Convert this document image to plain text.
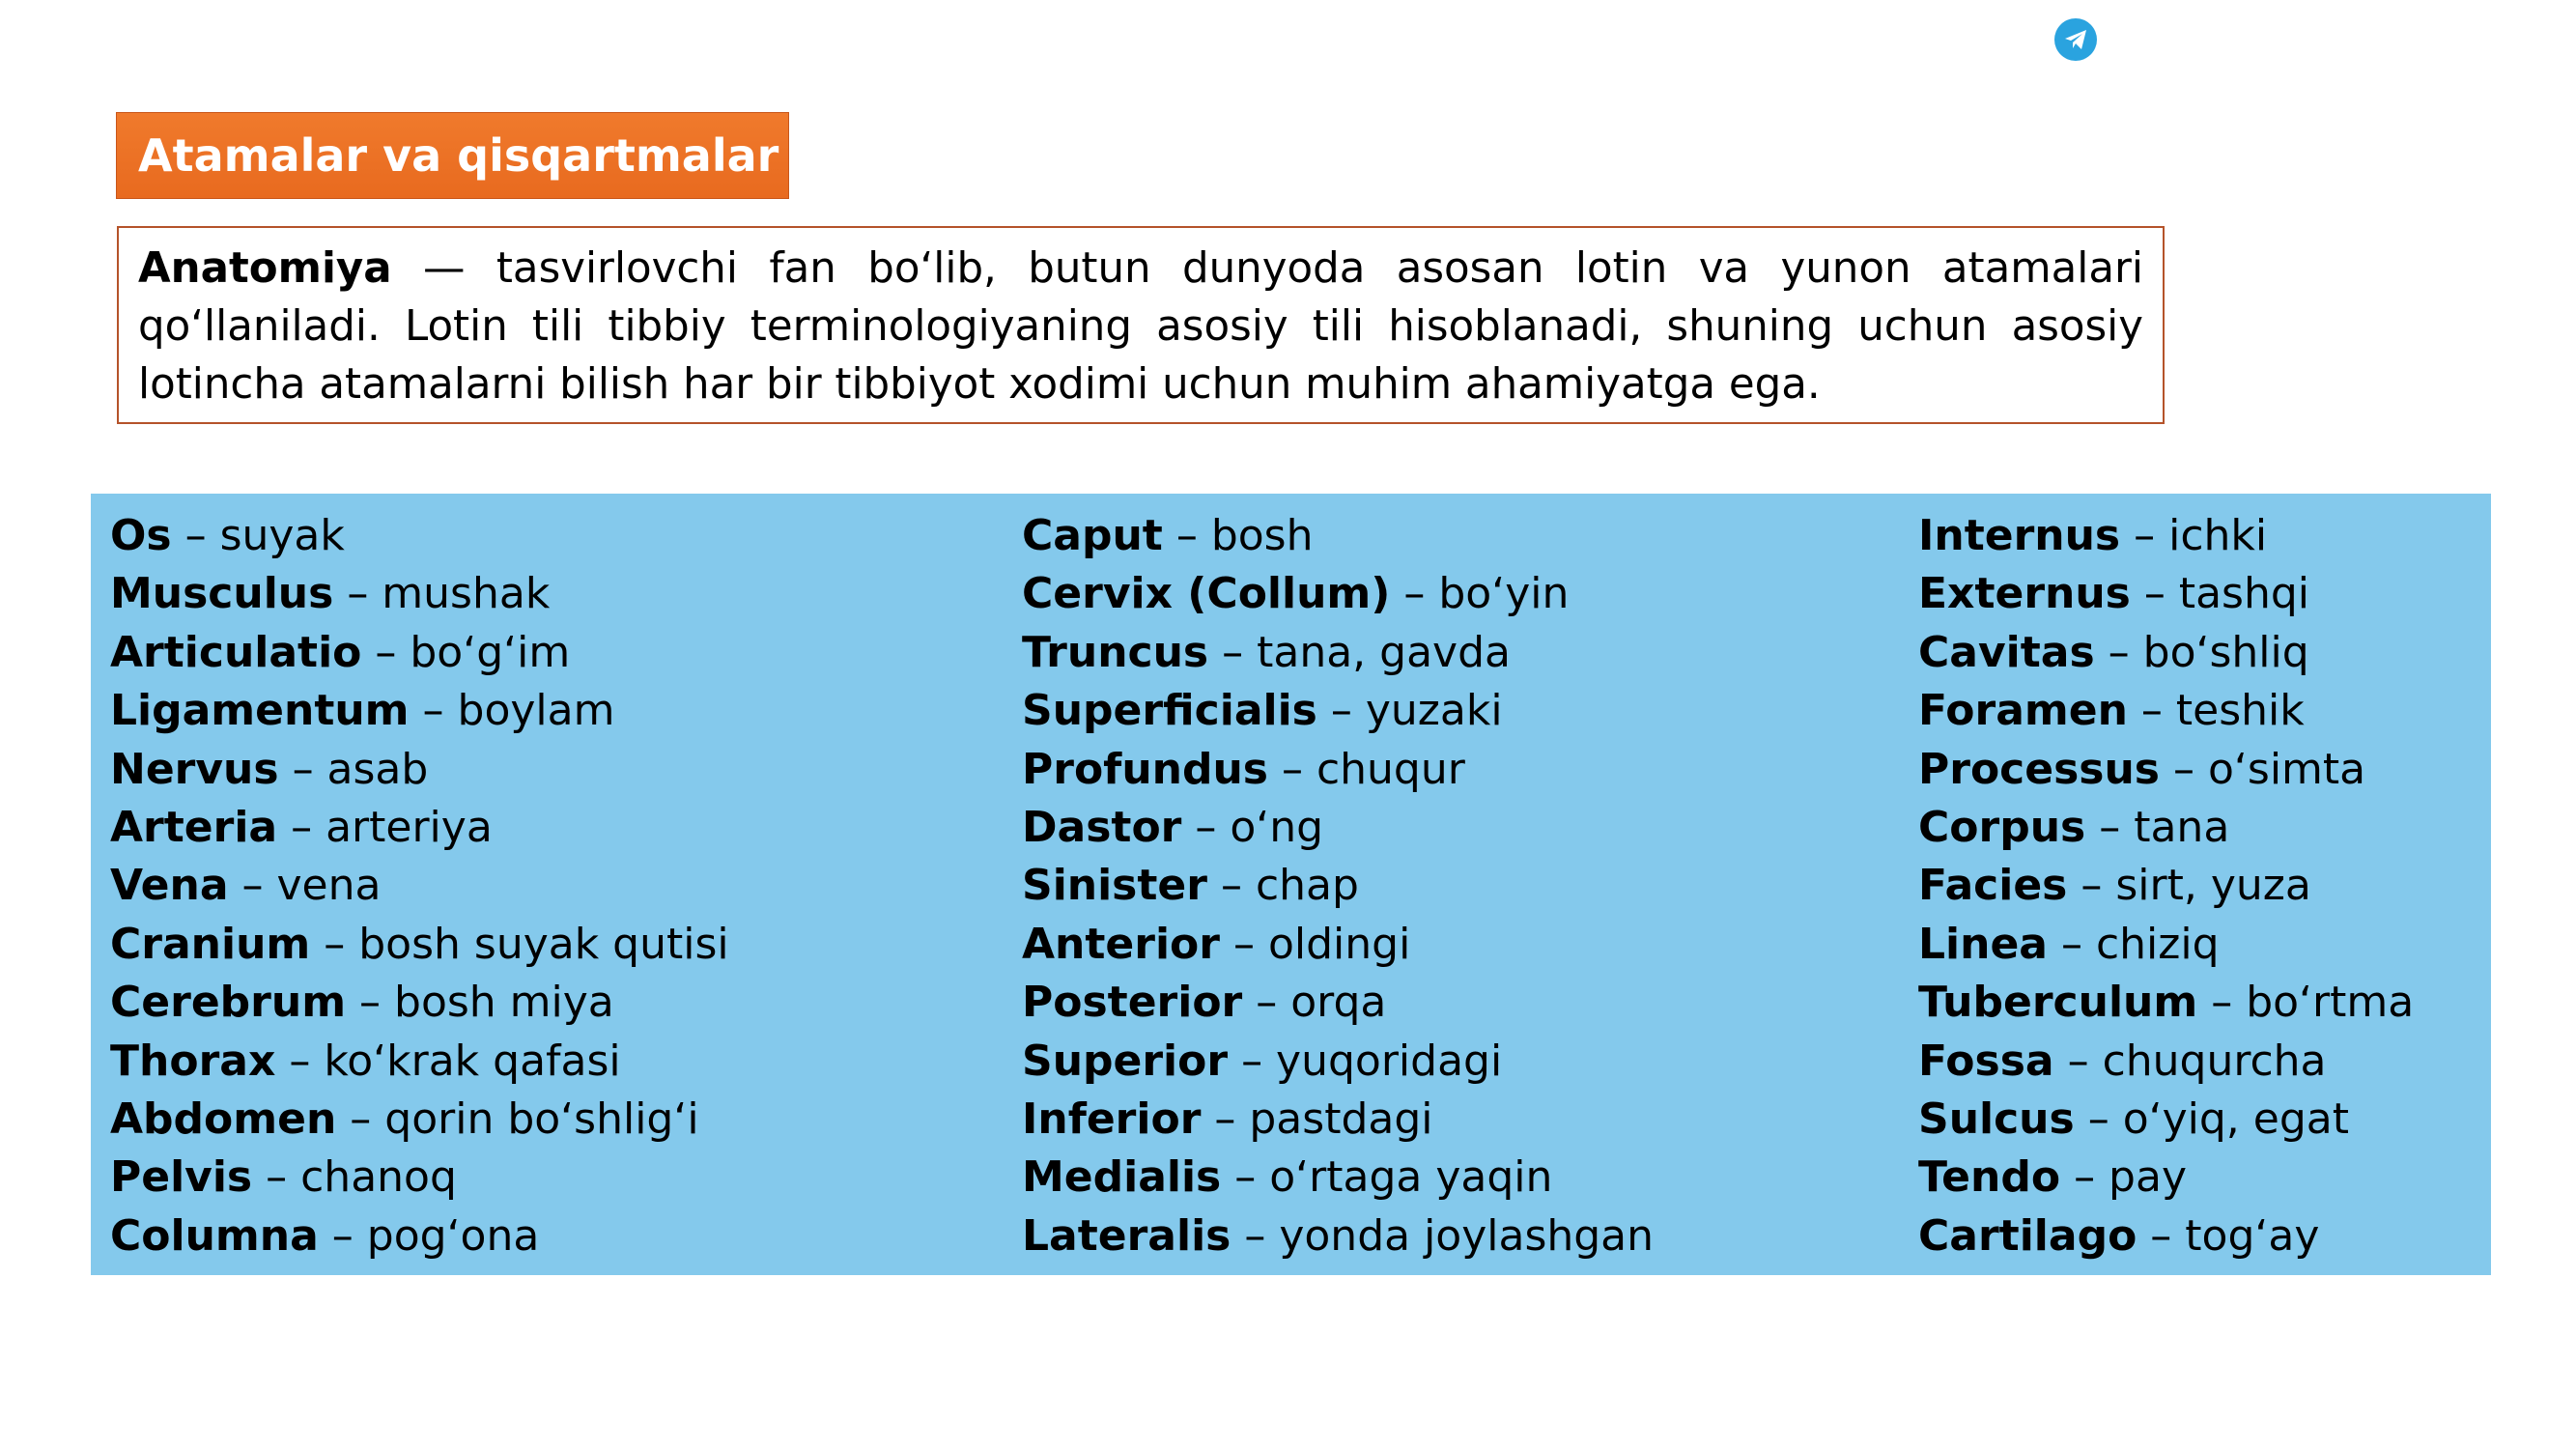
Atamalar va qisqartmalar
Anatomiya — tasvirlovchi fan bo‘lib, butun dunyoda asosan lotin va yunon atamalari qo‘llaniladi. Lotin tili tibbiy terminologiyaning asosiy tili hisoblanadi, shuning uchun asosiy lotincha atamalarni bilish har bir tibbiyot xodimi uchun muhim ahamiyatga ega.
Os – suyak
Musculus – mushak
Articulatio – bo‘g‘im
Ligamentum – boylam
Nervus – asab
Arteria – arteriya
Vena – vena
Cranium – bosh suyak qutisi
Cerebrum – bosh miya
Thorax – ko‘krak qafasi
Abdomen – qorin bo‘shlig‘i
Pelvis – chanoq
Columna – pog‘ona
Caput – bosh
Cervix (Collum) – bo‘yin
Truncus – tana, gavda
Superficialis – yuzaki
Profundus – chuqur
Dastor – o‘ng
Sinister – chap
Anterior – oldingi
Posterior – orqa
Superior – yuqoridagi
Inferior – pastdagi
Medialis – o‘rtaga yaqin
Lateralis – yonda joylashgan
Internus – ichki
Externus – tashqi
Cavitas – bo‘shliq
Foramen – teshik
Processus – o‘simta
Corpus – tana
Facies – sirt, yuza
Linea – chiziq
Tuberculum – bo‘rtma
Fossa – chuqurcha
Sulcus – o‘yiq, egat
Tendo – pay
Cartilago – tog‘ay
